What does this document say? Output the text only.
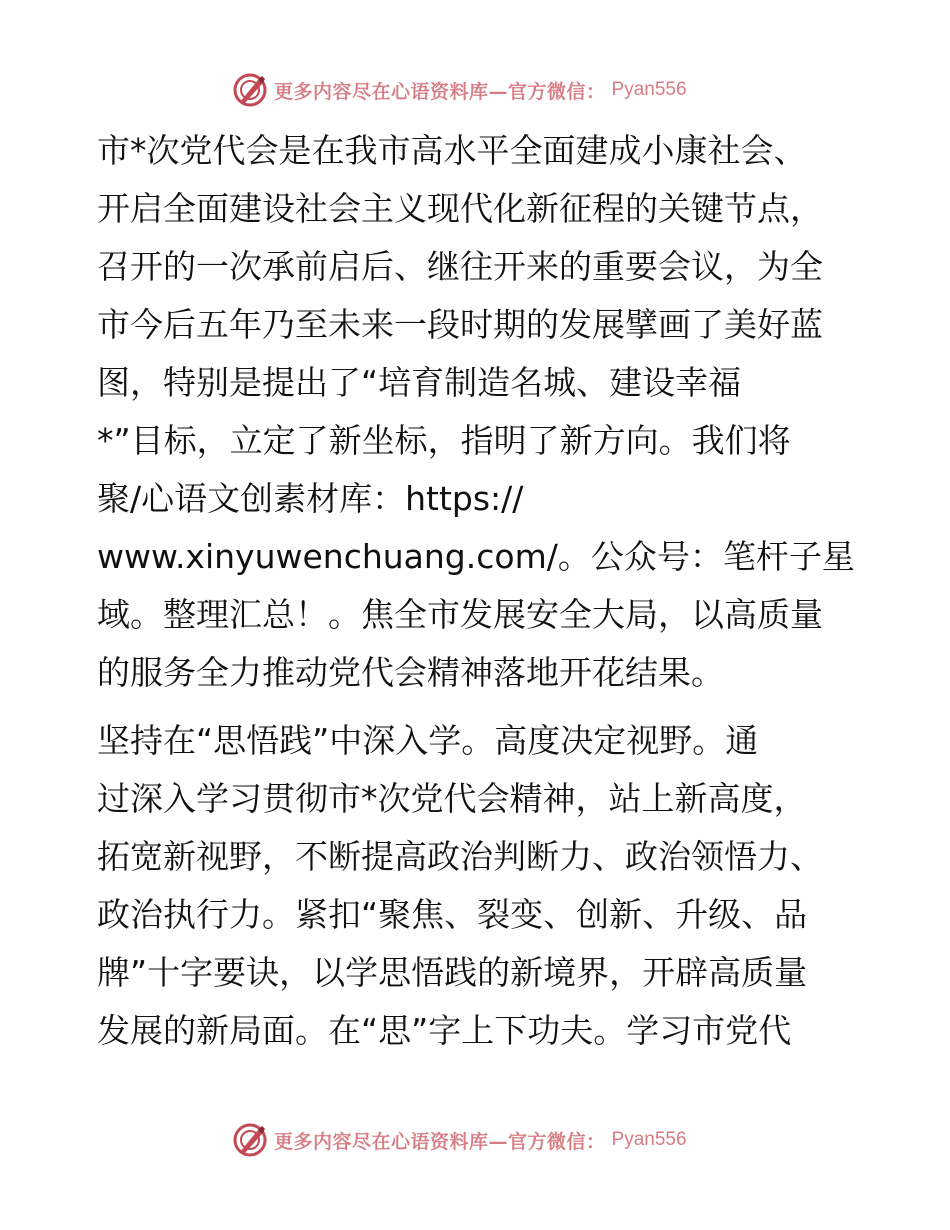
更多内容尽在心语资料库—官方微信： Pyan556
市*次党代会是在我市高水平全面建成小康社会、
开启全面建设社会主义现代化新征程的关键节点，
召开的一次承前启后、继往开来的重要会议，为全
市今后五年乃至未来一段时期的发展擘画了美好蓝
图，特别是提出了“培育制造名城、建设幸福
*”目标，立定了新坐标，指明了新方向。我们将
聚/心语文创素材库：https://
www.xinyuwenchuang.com/。公众号：笔杆子星
域。整理汇总！。焦全市发展安全大局，以高质量
的服务全力推动党代会精神落地开花结果。
坚持在“思悟践”中深入学。高度决定视野。通
过深入学习贯彻市*次党代会精神，站上新高度，
拓宽新视野，不断提高政治判断力、政治领悟力、
政治执行力。紧扣“聚焦、裂变、创新、升级、品
牌”十字要诀，以学思悟践的新境界，开辟高质量
发展的新局面。在“思”字上下功夫。学习市党代
更多内容尽在心语资料库—官方微信： Pyan556
